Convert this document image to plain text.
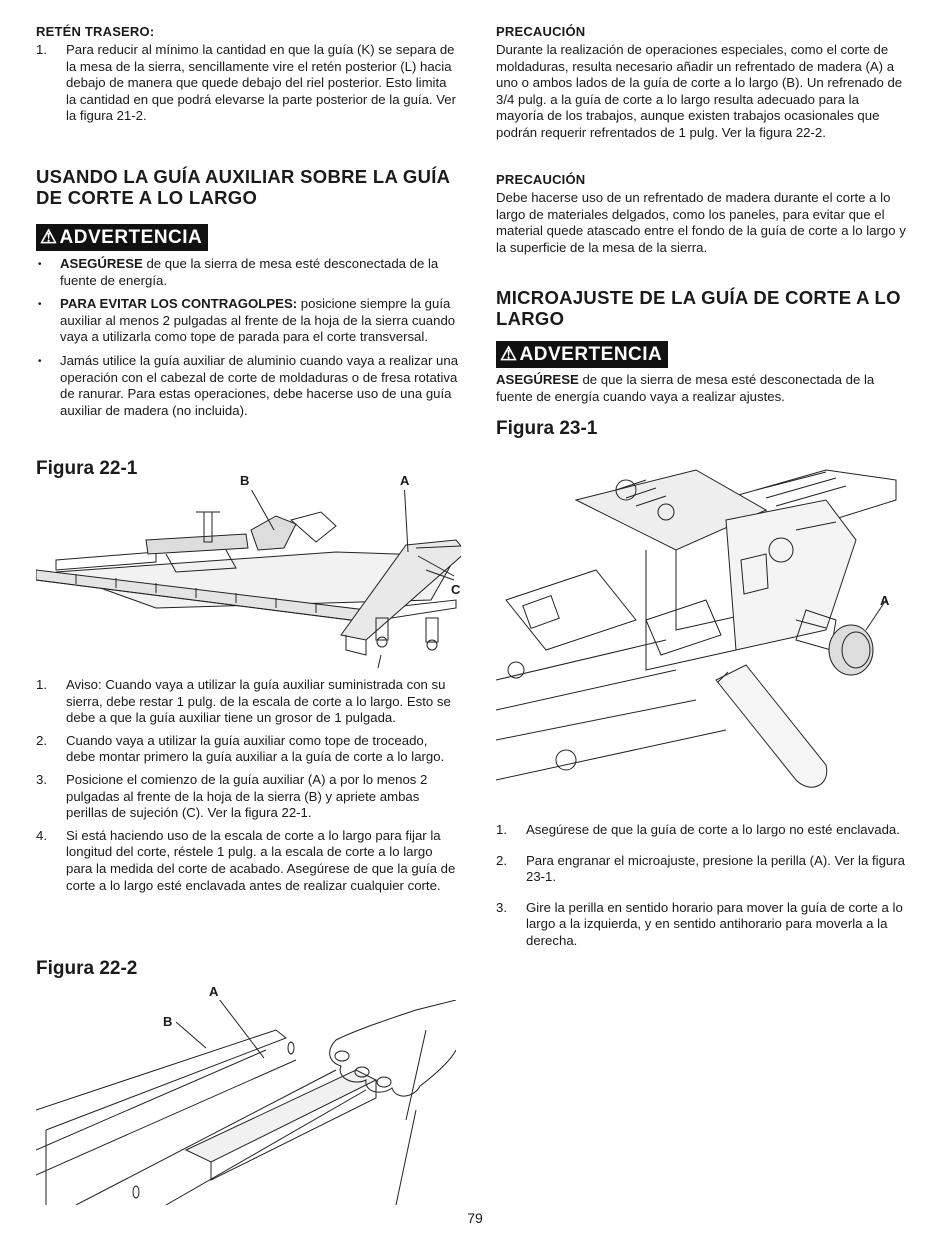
RETÉN TRASERO:

1.	Para reducir al mínimo la cantidad en que la guía (K) se separa de la mesa de la sierra, sencillamente vire el retén posterior (L) hacia debajo de manera que quede debajo del riel posterior. Esto limita la cantidad en que podrá elevarse la parte posterior de la guía. Ver la figura 21-2.
USANDO LA GUÍA AUXILIAR SOBRE LA GUÍA DE CORTE A LO LARGO
⚠ ADVERTENCIA
•	ASEGÚRESE de que la sierra de mesa esté desconectada de la fuente de energía.
•	PARA EVITAR LOS CONTRAGOLPES: posicione siempre la guía auxiliar al menos 2 pulgadas al frente de la hoja de la sierra cuando vaya a utilizarla como tope de parada para el corte transversal.
•	Jamás utilice la guía auxiliar de aluminio cuando vaya a realizar una operación con el cabezal de corte de moldaduras o de fresa rotativa de ranurar. Para estas operaciones, debe hacerse uso de una guía auxiliar de madera (no incluida).

Figura 22-1

B	A
C
1.	Aviso: Cuando vaya a utilizar la guía auxiliar suministrada con su sierra, debe restar 1 pulg. de la escala de corte a lo largo. Esto se debe a que la guía auxiliar tiene un grosor de 1 pulgada.
2.	Cuando vaya a utilizar la guía auxiliar como tope de troceado, debe montar primero la guía auxiliar a la guía de corte a lo largo.
3.	Posicione el comienzo de la guía auxiliar (A) a por lo menos 2 pulgadas al frente de la hoja de la sierra (B) y apriete ambas perillas de sujeción (C). Ver la figura 22-1.
4.	Si está haciendo uso de la escala de corte a lo largo para fijar la longitud del corte, réstele 1 pulg. a la escala de corte a lo largo para la medida del corte de acabado. Asegúrese de que la guía de corte a lo largo esté enclavada antes de realizar cualquier corte.

Figura 22-2

A
B

PRECAUCIÓN

Durante la realización de operaciones especiales, como el corte de moldaduras, resulta necesario añadir un refrentado de madera (A) a uno o ambos lados de la guía de corte a lo largo (B). Un refrenado de 3/4 pulg. a la guía de corte a lo largo resulta adecuado para la mayoría de los trabajos, aunque existen trabajos ocasionales que podrán requerir refrentados de 1 pulg. Ver la figura 22-2.

PRECAUCIÓN

Debe hacerse uso de un refrentado de madera durante el corte a lo largo de materiales delgados, como los paneles, para evitar que el material quede atascado entre el fondo de la guía de corte a lo largo y la superficie de la mesa de la sierra.

MICROAJUSTE DE LA GUÍA DE CORTE A LO LARGO
⚠ ADVERTENCIA

ASEGÚRESE de que la sierra de mesa esté desconectada de la fuente de energía cuando vaya a realizar ajustes.

Figura 23-1

A
1.	Asegúrese de que la guía de corte a lo largo no esté enclavada.
2.	Para engranar el microajuste, presione la perilla (A). Ver la figura 23-1.
3.	Gire la perilla en sentido horario para mover la guía de corte a lo largo a la izquierda, y en sentido antihorario para moverla a la derecha.
79
